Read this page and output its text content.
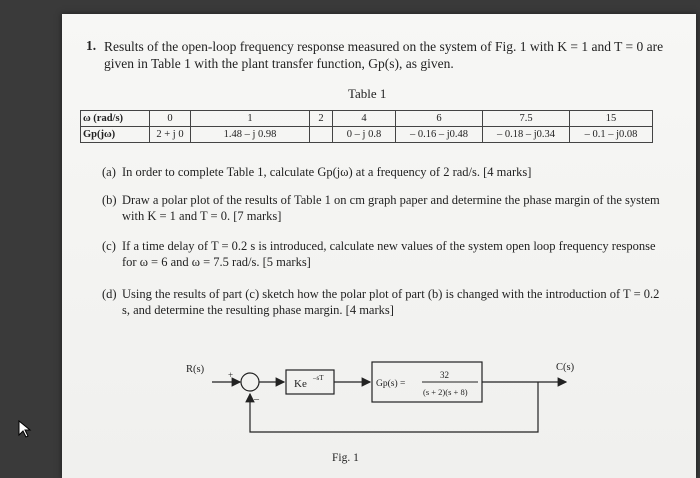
1. Results of the open-loop frequency response measured on the system of Fig. 1 with K = 1 and T = 0 are given in Table 1 with the plant transfer function, Gp(s), as given.
Table 1
ω (rad/s)	0	1	2	4	6	7.5	15
Gp(jω)	2 + j 0	1.48 – j 0.98		0 – j 0.8	– 0.16 – j0.48	– 0.18 – j0.34	– 0.1 – j0.08
(a) In order to complete Table 1, calculate Gp(jω) at a frequency of 2 rad/s. [4 marks]
(b) Draw a polar plot of the results of Table 1 on cm graph paper and determine the phase margin of the system with K = 1 and T = 0. [7 marks]
(c) If a time delay of T = 0.2 s is introduced, calculate new values of the system open loop frequency response for ω = 6 and ω = 7.5 rad/s. [5 marks]
(d) Using the results of part (c) sketch how the polar plot of part (b) is changed with the introduction of T = 0.2 s, and determine the resulting phase margin. [4 marks]
R(s)	+
–
Ke –sT
Gp(s) =
32
(s + 2)(s + 8)
C(s)
Fig. 1
